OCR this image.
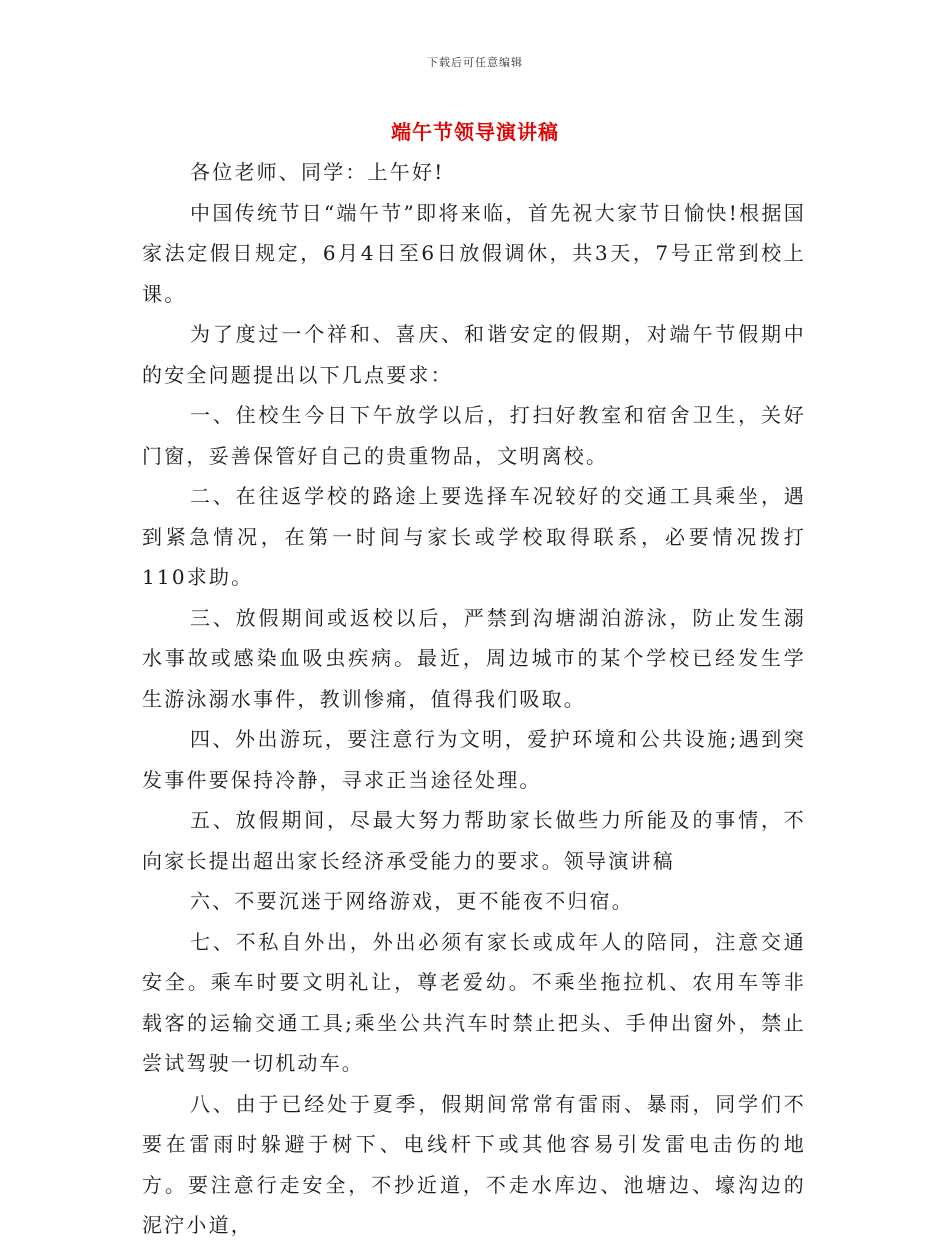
下载后可任意编辑
端午节领导演讲稿

各位老师、同学：上午好!

中国传统节日“端午节”即将来临，首先祝大家节日愉快!根据国家法定假日规定，6月4日至6日放假调休，共3天，7号正常到校上课。

为了度过一个祥和、喜庆、和谐安定的假期，对端午节假期中的安全问题提出以下几点要求：

一、住校生今日下午放学以后，打扫好教室和宿舍卫生，关好门窗，妥善保管好自己的贵重物品，文明离校。

二、在往返学校的路途上要选择车况较好的交通工具乘坐，遇到紧急情况，在第一时间与家长或学校取得联系，必要情况拨打110求助。

三、放假期间或返校以后，严禁到沟塘湖泊游泳，防止发生溺水事故或感染血吸虫疾病。最近，周边城市的某个学校已经发生学生游泳溺水事件，教训惨痛，值得我们吸取。

四、外出游玩，要注意行为文明，爱护环境和公共设施;遇到突发事件要保持冷静，寻求正当途径处理。

五、放假期间，尽最大努力帮助家长做些力所能及的事情，不向家长提出超出家长经济承受能力的要求。领导演讲稿

六、不要沉迷于网络游戏，更不能夜不归宿。

七、不私自外出，外出必须有家长或成年人的陪同，注意交通安全。乘车时要文明礼让，尊老爱幼。不乘坐拖拉机、农用车等非载客的运输交通工具;乘坐公共汽车时禁止把头、手伸出窗外，禁止尝试驾驶一切机动车。

八、由于已经处于夏季，假期间常常有雷雨、暴雨，同学们不要在雷雨时躲避于树下、电线杆下或其他容易引发雷电击伤的地方。要注意行走安全，不抄近道，不走水库边、池塘边、壕沟边的泥泞小道，
